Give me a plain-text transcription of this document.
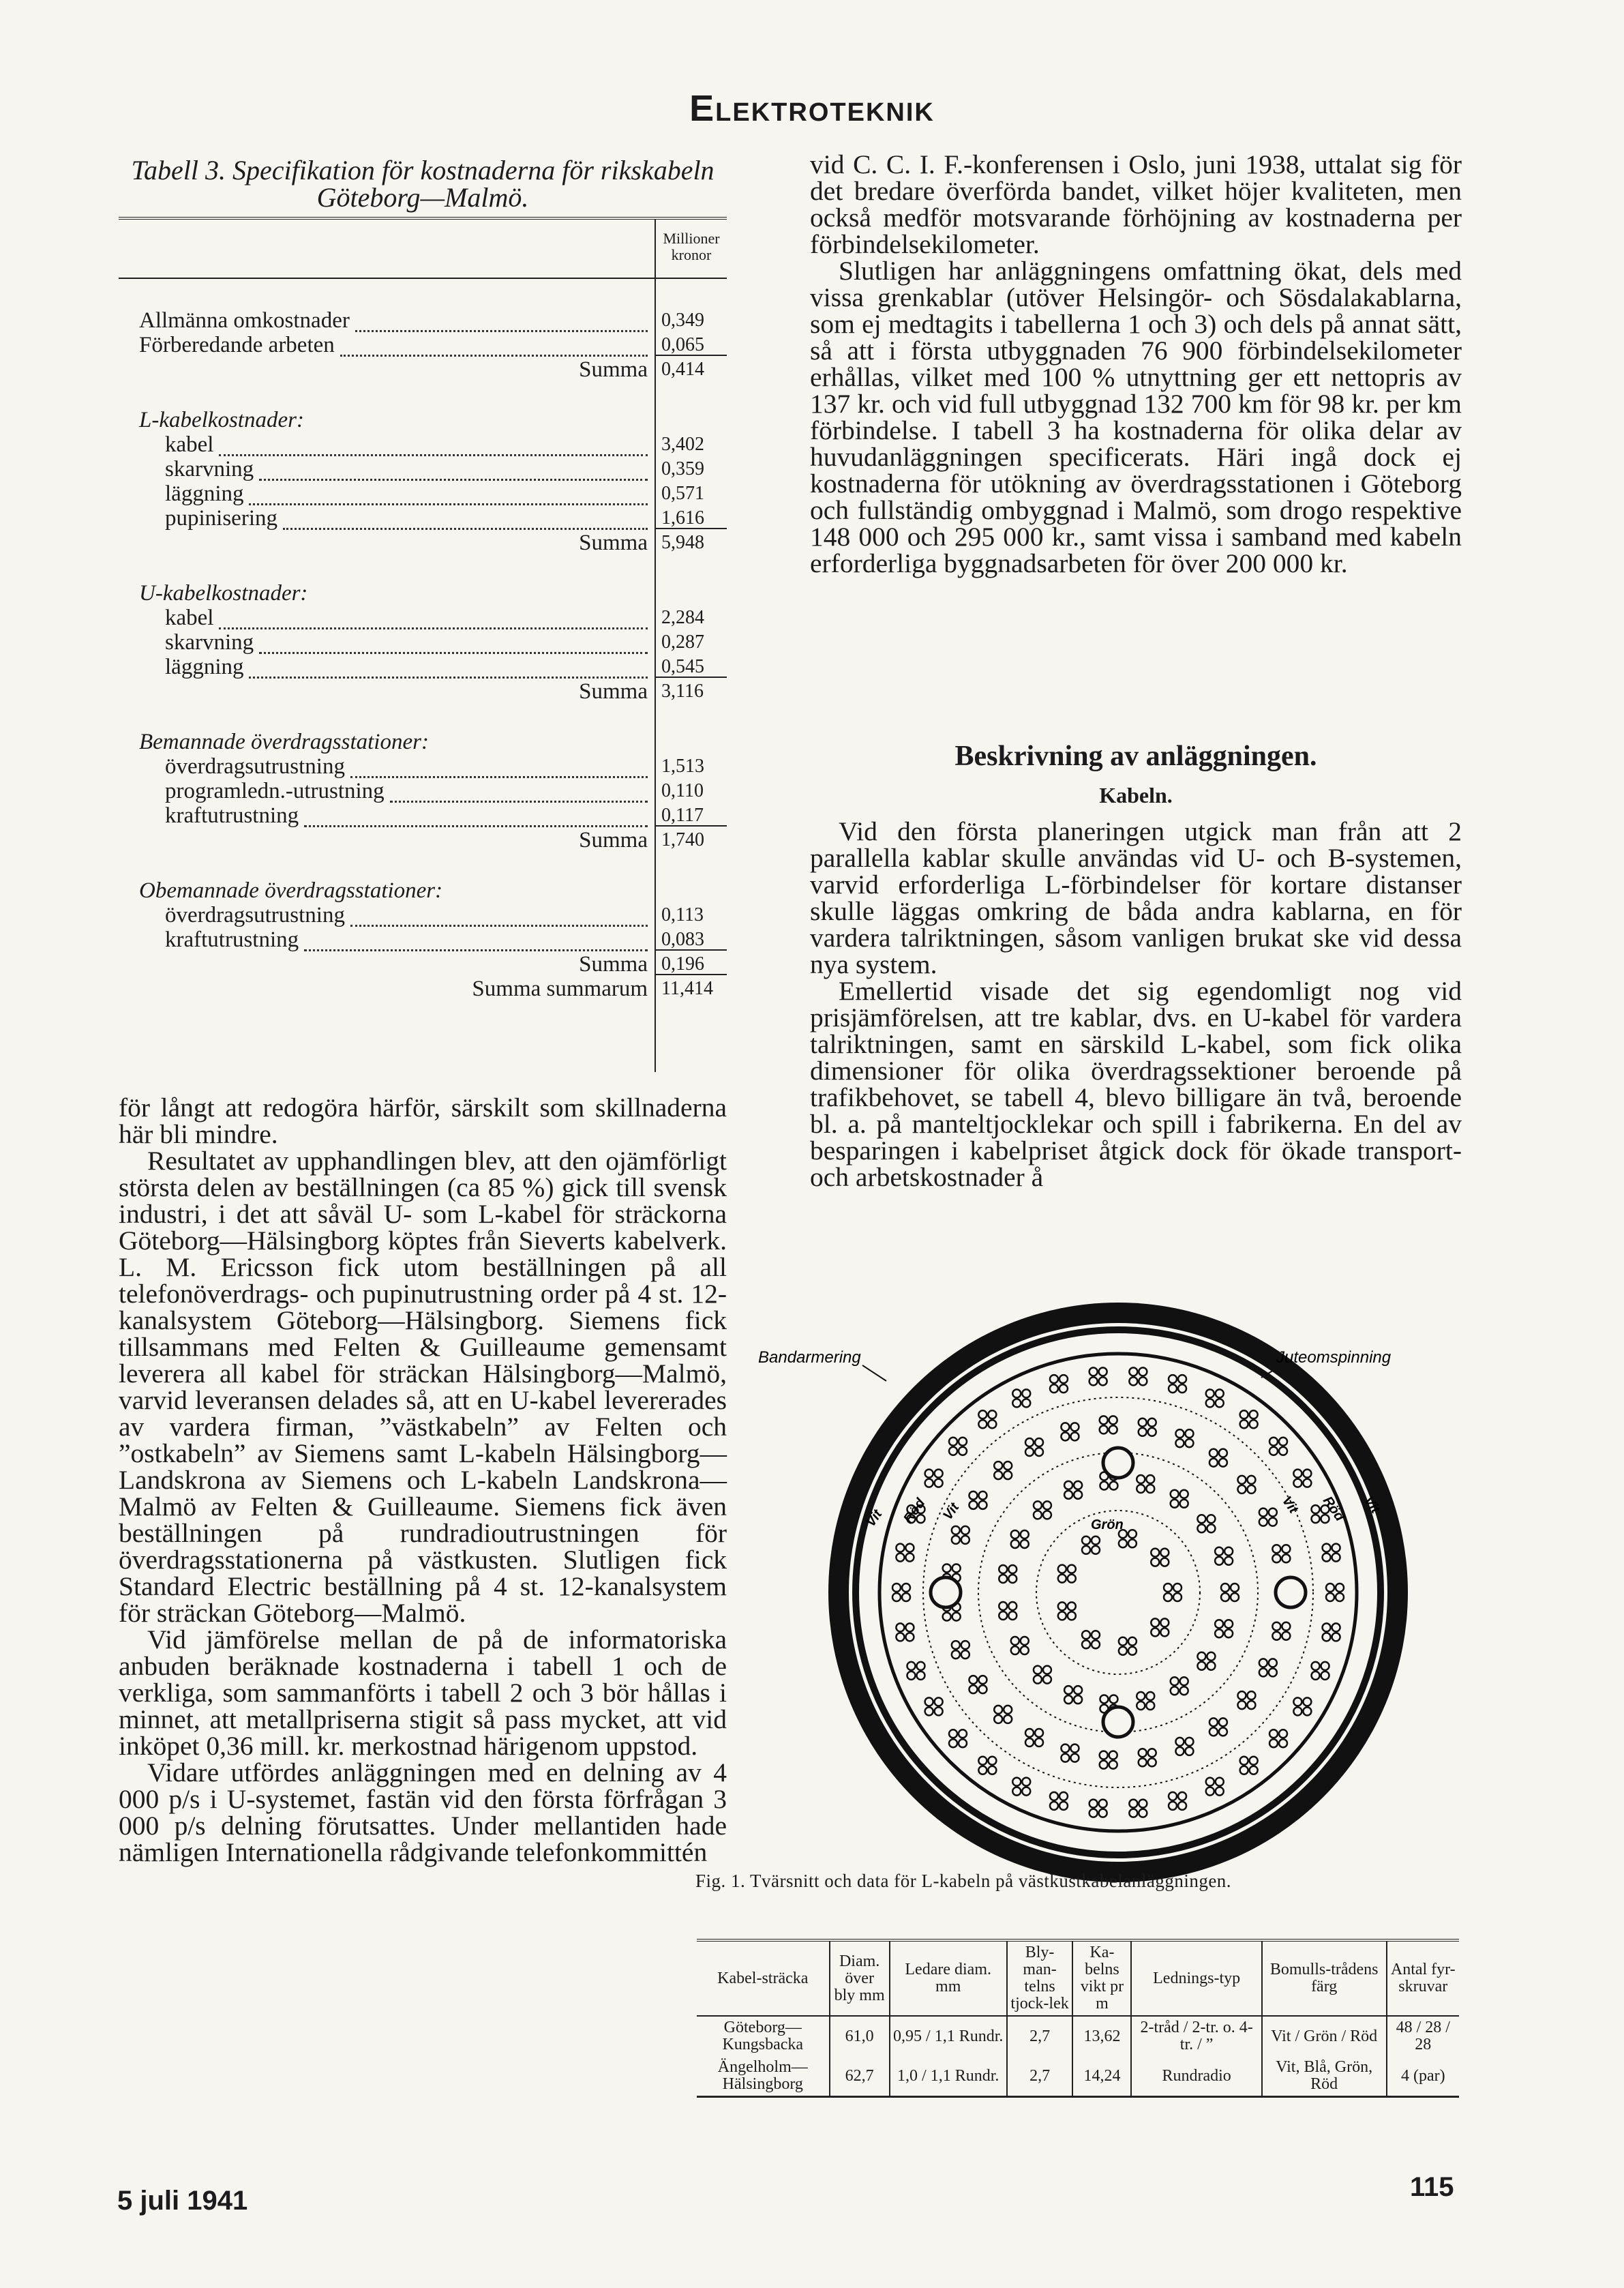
Elektroteknik
Tabell 3. Specifikation för kostnaderna för rikskabeln
Göteborg—Malmö.
Millioner
kronor
Allmänna omkostnader	0,349
Förberedande arbeten	0,065
Summa 0,414
L-kabelkostnader:
kabel	3,402
skarvning	0,359
läggning	0,571
pupinisering	1,616
Summa 5,948
U-kabelkostnader:
kabel	2,284
skarvning	0,287
läggning	0,545
Summa 3,116
Bemannade överdragsstationer:
överdragsutrustning	1,513
programledn.-utrustning	0,110
kraftutrustning	0,117
Summa 1,740
Obemannade överdragsstationer:
överdragsutrustning	0,113
kraftutrustning	0,083
Summa 0,196
Summa summarum 11,414

för långt att redogöra härför, särskilt som skillnaderna här bli mindre.

Resultatet av upphandlingen blev, att den ojämförligt största delen av beställningen (ca 85 %) gick till svensk industri, i det att såväl U- som L-kabel för sträckorna Göteborg—Hälsingborg köptes från Sieverts kabelverk. L. M. Ericsson fick utom beställningen på all telefonöverdrags- och pupinutrustning order på 4 st. 12-kanalsystem Göteborg—Hälsingborg. Siemens fick tillsammans med Felten & Guilleaume gemensamt leverera all kabel för sträckan Hälsingborg—Malmö, varvid leveransen delades så, att en U-kabel levererades av vardera firman, ”västkabeln” av Felten och ”ostkabeln” av Siemens samt L-kabeln Hälsingborg—Landskrona av Siemens och L-kabeln Landskrona—Malmö av Felten & Guilleaume. Siemens fick även beställningen på rundradioutrustningen för överdragsstationerna på västkusten. Slutligen fick Standard Electric beställning på 4 st. 12-kanalsystem för sträckan Göteborg—Malmö.

Vid jämförelse mellan de på de informatoriska anbuden beräknade kostnaderna i tabell 1 och de verkliga, som sammanförts i tabell 2 och 3 bör hållas i minnet, att metallpriserna stigit så pass mycket, att vid inköpet 0,36 mill. kr. merkostnad härigenom uppstod.

Vidare utfördes anläggningen med en delning av 4 000 p/s i U-systemet, fastän vid den första förfrågan 3 000 p/s delning förutsattes. Under mellantiden hade nämligen Internationella rådgivande telefonkommittén

vid C. C. I. F.-konferensen i Oslo, juni 1938, uttalat sig för det bredare överförda bandet, vilket höjer kvaliteten, men också medför motsvarande förhöjning av kostnaderna per förbindelsekilometer.

Slutligen har anläggningens omfattning ökat, dels med vissa grenkablar (utöver Helsingör- och Sösdalakablarna, som ej medtagits i tabellerna 1 och 3) och dels på annat sätt, så att i första utbyggnaden 76 900 förbindelsekilometer erhållas, vilket med 100 % utnyttning ger ett nettopris av 137 kr. och vid full utbyggnad 132 700 km för 98 kr. per km förbindelse. I tabell 3 ha kostnaderna för olika delar av huvudanläggningen specificerats. Häri ingå dock ej kostnaderna för utökning av överdragsstationen i Göteborg och fullständig ombyggnad i Malmö, som drogo respektive 148 000 och 295 000 kr., samt vissa i samband med kabeln erforderliga byggnadsarbeten för över 200 000 kr.

Beskrivning av anläggningen.
Kabeln.

Vid den första planeringen utgick man från att 2 parallella kablar skulle användas vid U- och B-systemen, varvid erforderliga L-förbindelser för kortare distanser skulle läggas omkring de båda andra kablarna, en för vardera talriktningen, såsom vanligen brukat ske vid dessa nya system.

Emellertid visade det sig egendomligt nog vid prisjämförelsen, att tre kablar, dvs. en U-kabel för vardera talriktningen, samt en särskild L-kabel, som fick olika dimensioner för olika överdragssektioner beroende på trafikbehovet, se tabell 4, blevo billigare än två, beroende bl. a. på manteltjocklekar och spill i fabrikerna. En del av besparingen i kabelpriset åtgick dock för ökade transport- och arbetskostnader å

Bandarmering	Juteomspinning
Vit Röd Vit	Vit Röd Vit
Grön
Fig. 1. Tvärsnitt och data för L-kabeln på västkustkabelanläggningen.
Kabel-sträcka	Diam. över bly mm	Ledare diam. mm	Bly-man-telns tjock-lek	Ka-belns vikt pr m	Lednings-typ	Bomulls-trådens färg	Antal fyr-skruvar
Göteborg—Kungsbacka	61,0	0,95 / 1,1 Rundr.	2,7	13,62	2-tråd / 2-tr. o. 4-tr. / ”	Vit / Grön / Röd	48 / 28 / 28
Ängelholm—Hälsingborg	62,7	1,0 / 1,1 Rundr.	2,7	14,24	Rundradio	Vit, Blå, Grön, Röd	4 (par)
5 juli 1941	115
